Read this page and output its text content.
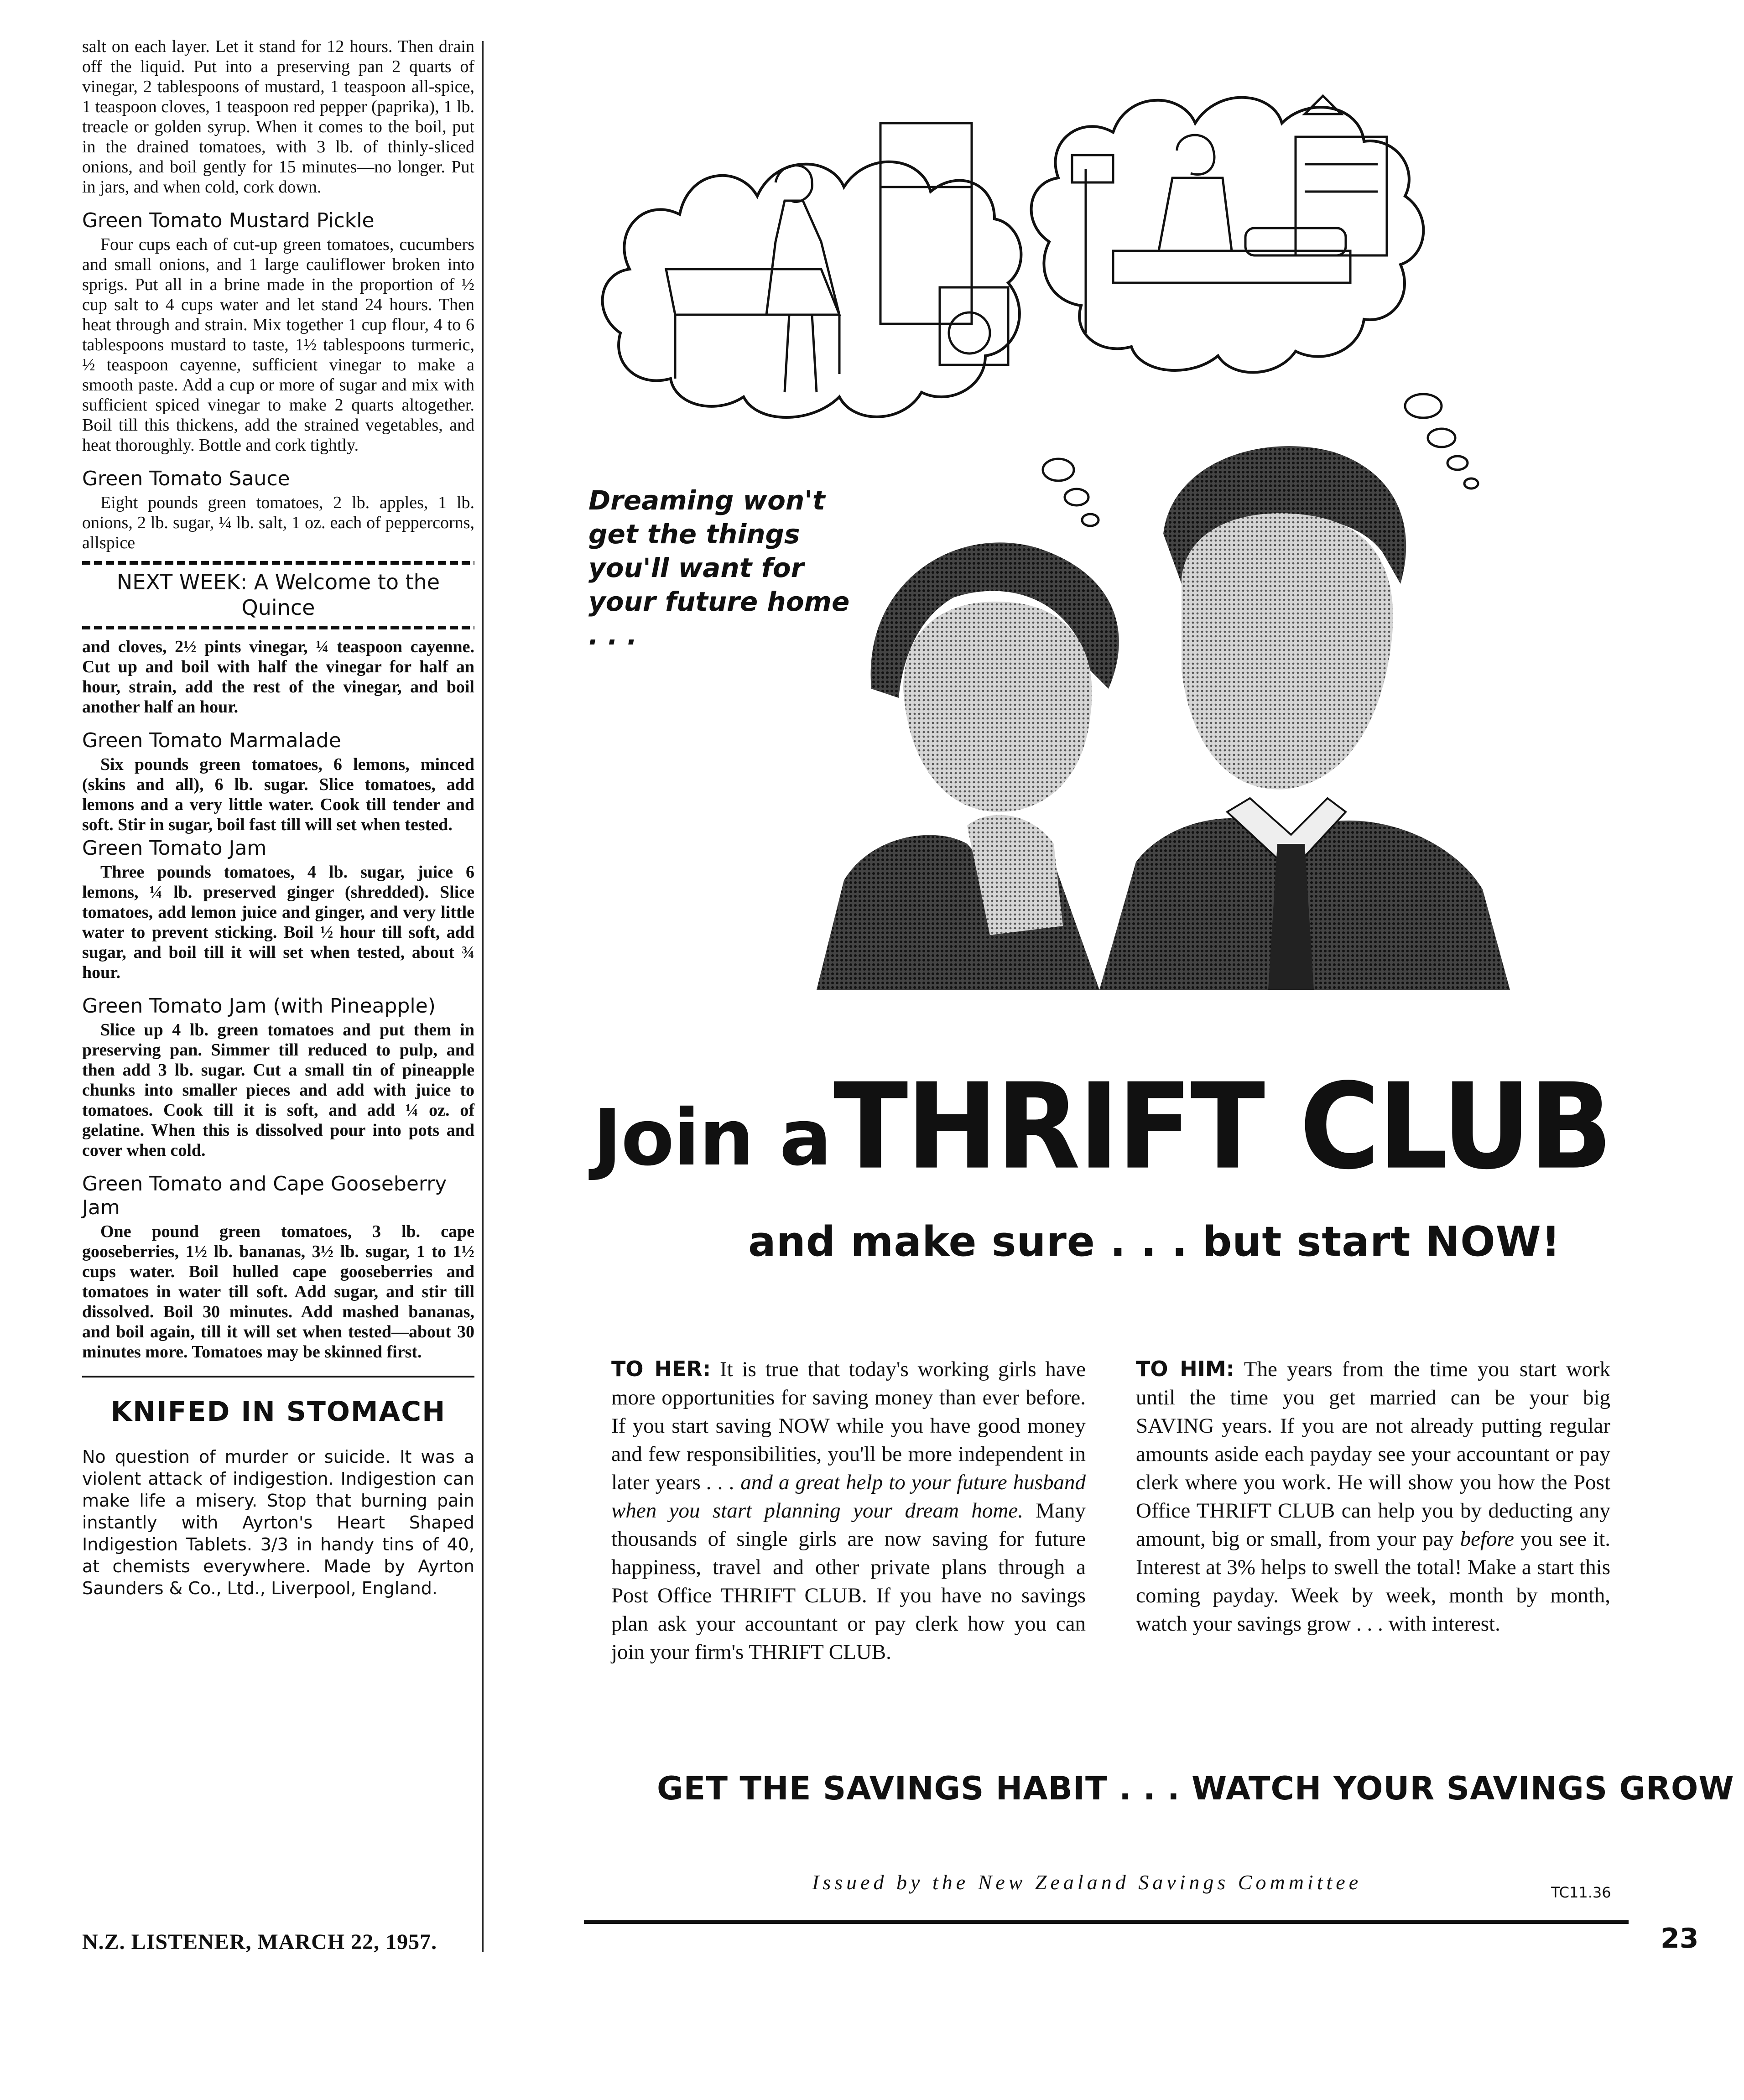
salt on each layer. Let it stand for 12 hours. Then drain off the liquid. Put into a preserving pan 2 quarts of vinegar, 2 tablespoons of mustard, 1 teaspoon all-spice, 1 teaspoon cloves, 1 teaspoon red pepper (paprika), 1 lb. treacle or golden syrup. When it comes to the boil, put in the drained tomatoes, with 3 lb. of thinly-sliced onions, and boil gently for 15 minutes—no longer. Put in jars, and when cold, cork down.

Green Tomato Mustard Pickle

Four cups each of cut-up green tomatoes, cucumbers and small onions, and 1 large cauliflower broken into sprigs. Put all in a brine made in the proportion of ½ cup salt to 4 cups water and let stand 24 hours. Then heat through and strain. Mix together 1 cup flour, 4 to 6 tablespoons mustard to taste, 1½ tablespoons turmeric, ½ teaspoon cayenne, sufficient vinegar to make a smooth paste. Add a cup or more of sugar and mix with sufficient spiced vinegar to make 2 quarts altogether. Boil till this thickens, add the strained vegetables, and heat thoroughly. Bottle and cork tightly.

Green Tomato Sauce

Eight pounds green tomatoes, 2 lb. apples, 1 lb. onions, 2 lb. sugar, ¼ lb. salt, 1 oz. each of peppercorns, allspice

NEXT WEEK: A Welcome to the Quince

and cloves, 2½ pints vinegar, ¼ teaspoon cayenne. Cut up and boil with half the vinegar for half an hour, strain, add the rest of the vinegar, and boil another half an hour.

Green Tomato Marmalade

Six pounds green tomatoes, 6 lemons, minced (skins and all), 6 lb. sugar. Slice tomatoes, add lemons and a very little water. Cook till tender and soft. Stir in sugar, boil fast till will set when tested.

Green Tomato Jam

Three pounds tomatoes, 4 lb. sugar, juice 6 lemons, ¼ lb. preserved ginger (shredded). Slice tomatoes, add lemon juice and ginger, and very little water to prevent sticking. Boil ½ hour till soft, add sugar, and boil till it will set when tested, about ¾ hour.

Green Tomato Jam (with Pineapple)

Slice up 4 lb. green tomatoes and put them in preserving pan. Simmer till reduced to pulp, and then add 3 lb. sugar. Cut a small tin of pineapple chunks into smaller pieces and add with juice to tomatoes. Cook till it is soft, and add ¼ oz. of gelatine. When this is dissolved pour into pots and cover when cold.

Green Tomato and Cape Gooseberry Jam

One pound green tomatoes, 3 lb. cape gooseberries, 1½ lb. bananas, 3½ lb. sugar, 1 to 1½ cups water. Boil hulled cape gooseberries and tomatoes in water till soft. Add sugar, and stir till dissolved. Boil 30 minutes. Add mashed bananas, and boil again, till it will set when tested—about 30 minutes more. Tomatoes may be skinned first.

KNIFED IN STOMACH

No question of murder or suicide. It was a violent attack of indigestion. Indigestion can make life a misery. Stop that burning pain instantly with Ayrton's Heart Shaped Indigestion Tablets. 3/3 in handy tins of 40, at chemists everywhere. Made by Ayrton Saunders & Co., Ltd., Liverpool, England.

N.Z. LISTENER, MARCH 22, 1957.	23
Dreaming won't get the things you'll want for your future home . . .
Join a THRIFT CLUB
and make sure . . . but start NOW!
TO HER: It is true that today's working girls have more opportunities for saving money than ever before. If you start saving NOW while you have good money and few responsibilities, you'll be more independent in later years . . . and a great help to your future husband when you start planning your dream home. Many thousands of single girls are now saving for future happiness, travel and other private plans through a Post Office THRIFT CLUB. If you have no savings plan ask your accountant or pay clerk how you can join your firm's THRIFT CLUB.
TO HIM: The years from the time you start work until the time you get married can be your big SAVING years. If you are not already putting regular amounts aside each payday see your accountant or pay clerk where you work. He will show you how the Post Office THRIFT CLUB can help you by deducting any amount, big or small, from your pay before you see it. Interest at 3% helps to swell the total! Make a start this coming payday. Week by week, month by month, watch your savings grow . . . with interest.
GET THE SAVINGS HABIT . . . WATCH YOUR SAVINGS GROW
Issued by the New Zealand Savings Committee	TC11.36
